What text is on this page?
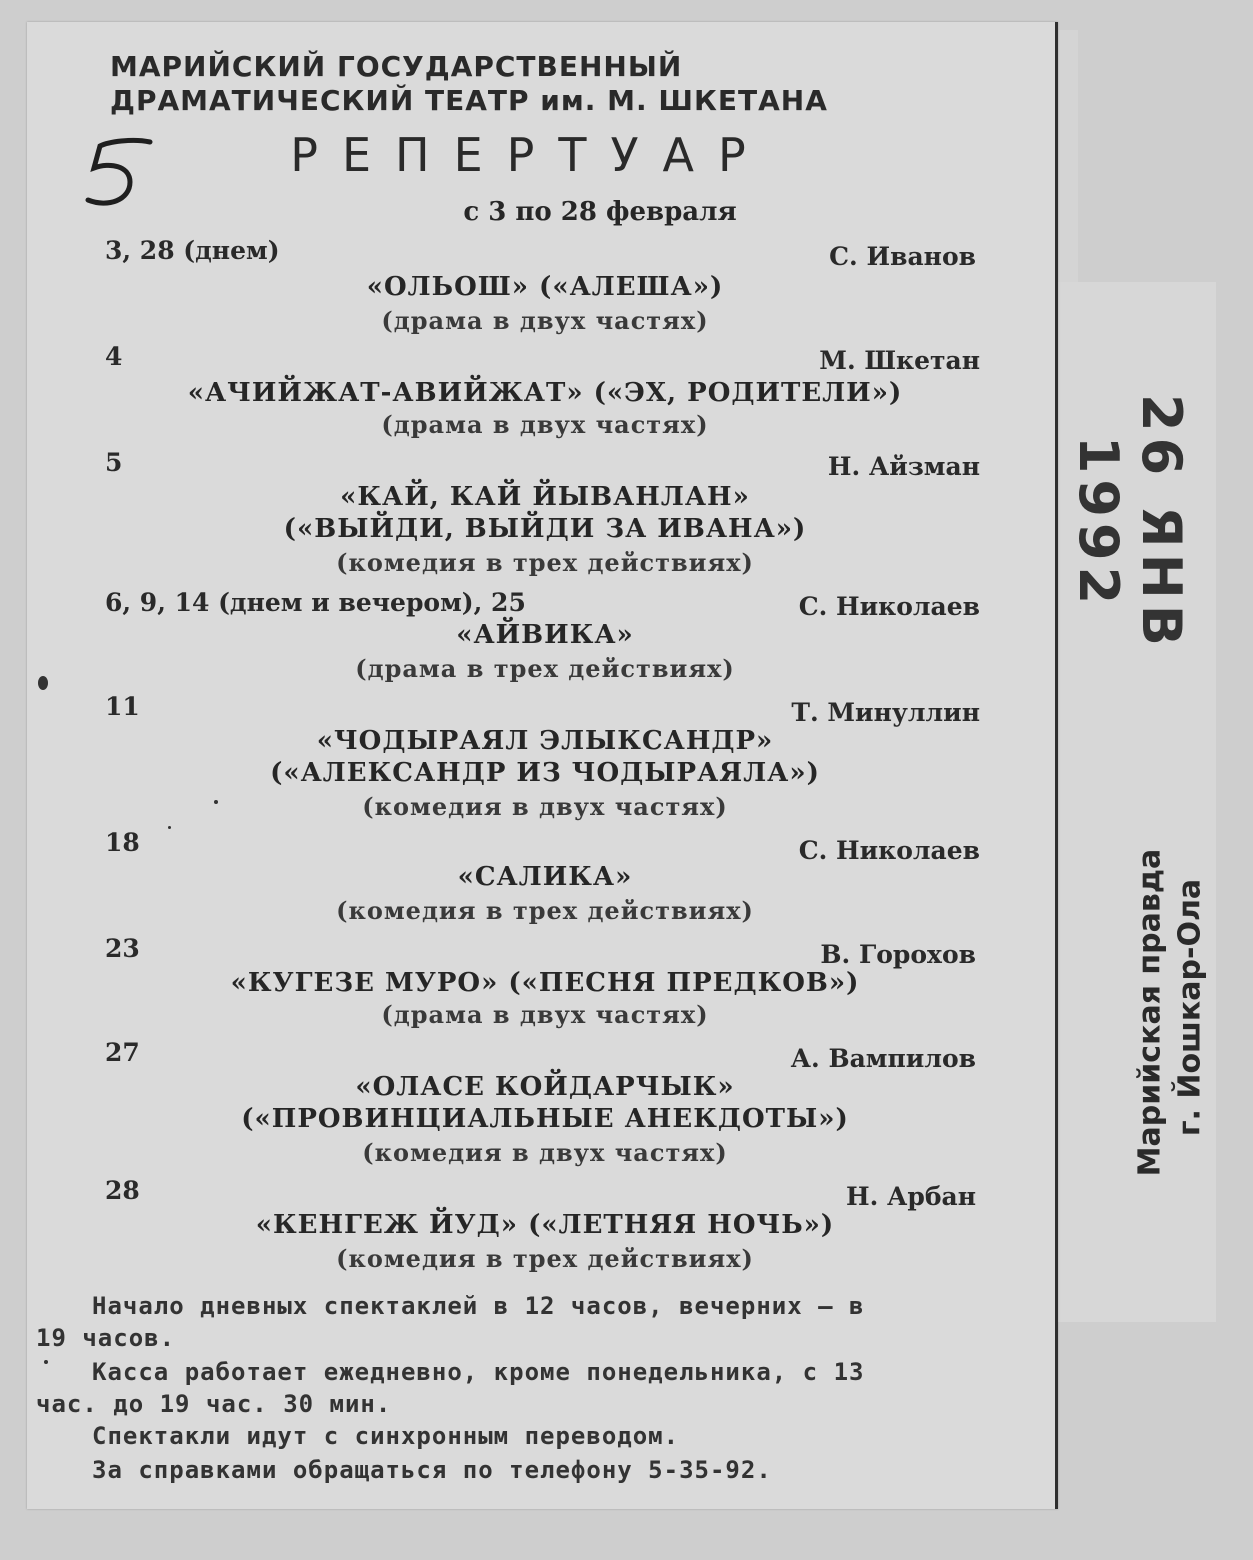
МАРИЙСКИЙ ГОСУДАРСТВЕННЫЙ
ДРАМАТИЧЕСКИЙ ТЕАТР им. М. ШКЕТАНА
РЕПЕРТУАР
с 3 по 28 февраля
3, 28 (днем)	С. Иванов
«ОЛЬОШ» («АЛЕША»)
(драма в двух частях)
4	М. Шкетан
«АЧИЙЖАТ-АВИЙЖАТ» («ЭХ, РОДИТЕЛИ»)
(драма в двух частях)
5	Н. Айзман
«КАЙ, КАЙ ЙЫВАНЛАН»
(«ВЫЙДИ, ВЫЙДИ ЗА ИВАНА»)
(комедия в трех действиях)
6, 9, 14 (днем и вечером), 25	С. Николаев
«АЙВИКА»
(драма в трех действиях)
11	Т. Минуллин
«ЧОДЫРАЯЛ ЭЛЫКСАНДР»
(«АЛЕКСАНДР ИЗ ЧОДЫРАЯЛА»)
(комедия в двух частях)
18	С. Николаев
«САЛИКА»
(комедия в трех действиях)
23	В. Горохов
«КУГЕЗЕ МУРО» («ПЕСНЯ ПРЕДКОВ»)
(драма в двух частях)
27	А. Вампилов
«ОЛАСЕ КОЙДАРЧЫК»
(«ПРОВИНЦИАЛЬНЫЕ АНЕКДОТЫ»)
(комедия в двух частях)
28	Н. Арбан
«КЕНГЕЖ ЙУД» («ЛЕТНЯЯ НОЧЬ»)
(комедия в трех действиях)
Начало дневных спектаклей в 12 часов, вечерних — в
19 часов.
Касса работает ежедневно, кроме понедельника, с 13
час. до 19 час. 30 мин.
Спектакли идут с синхронным переводом.
За справками обращаться по телефону 5-35-92.
26 ЯНВ 1992
Марийская правда г. Йошкар-Ола
